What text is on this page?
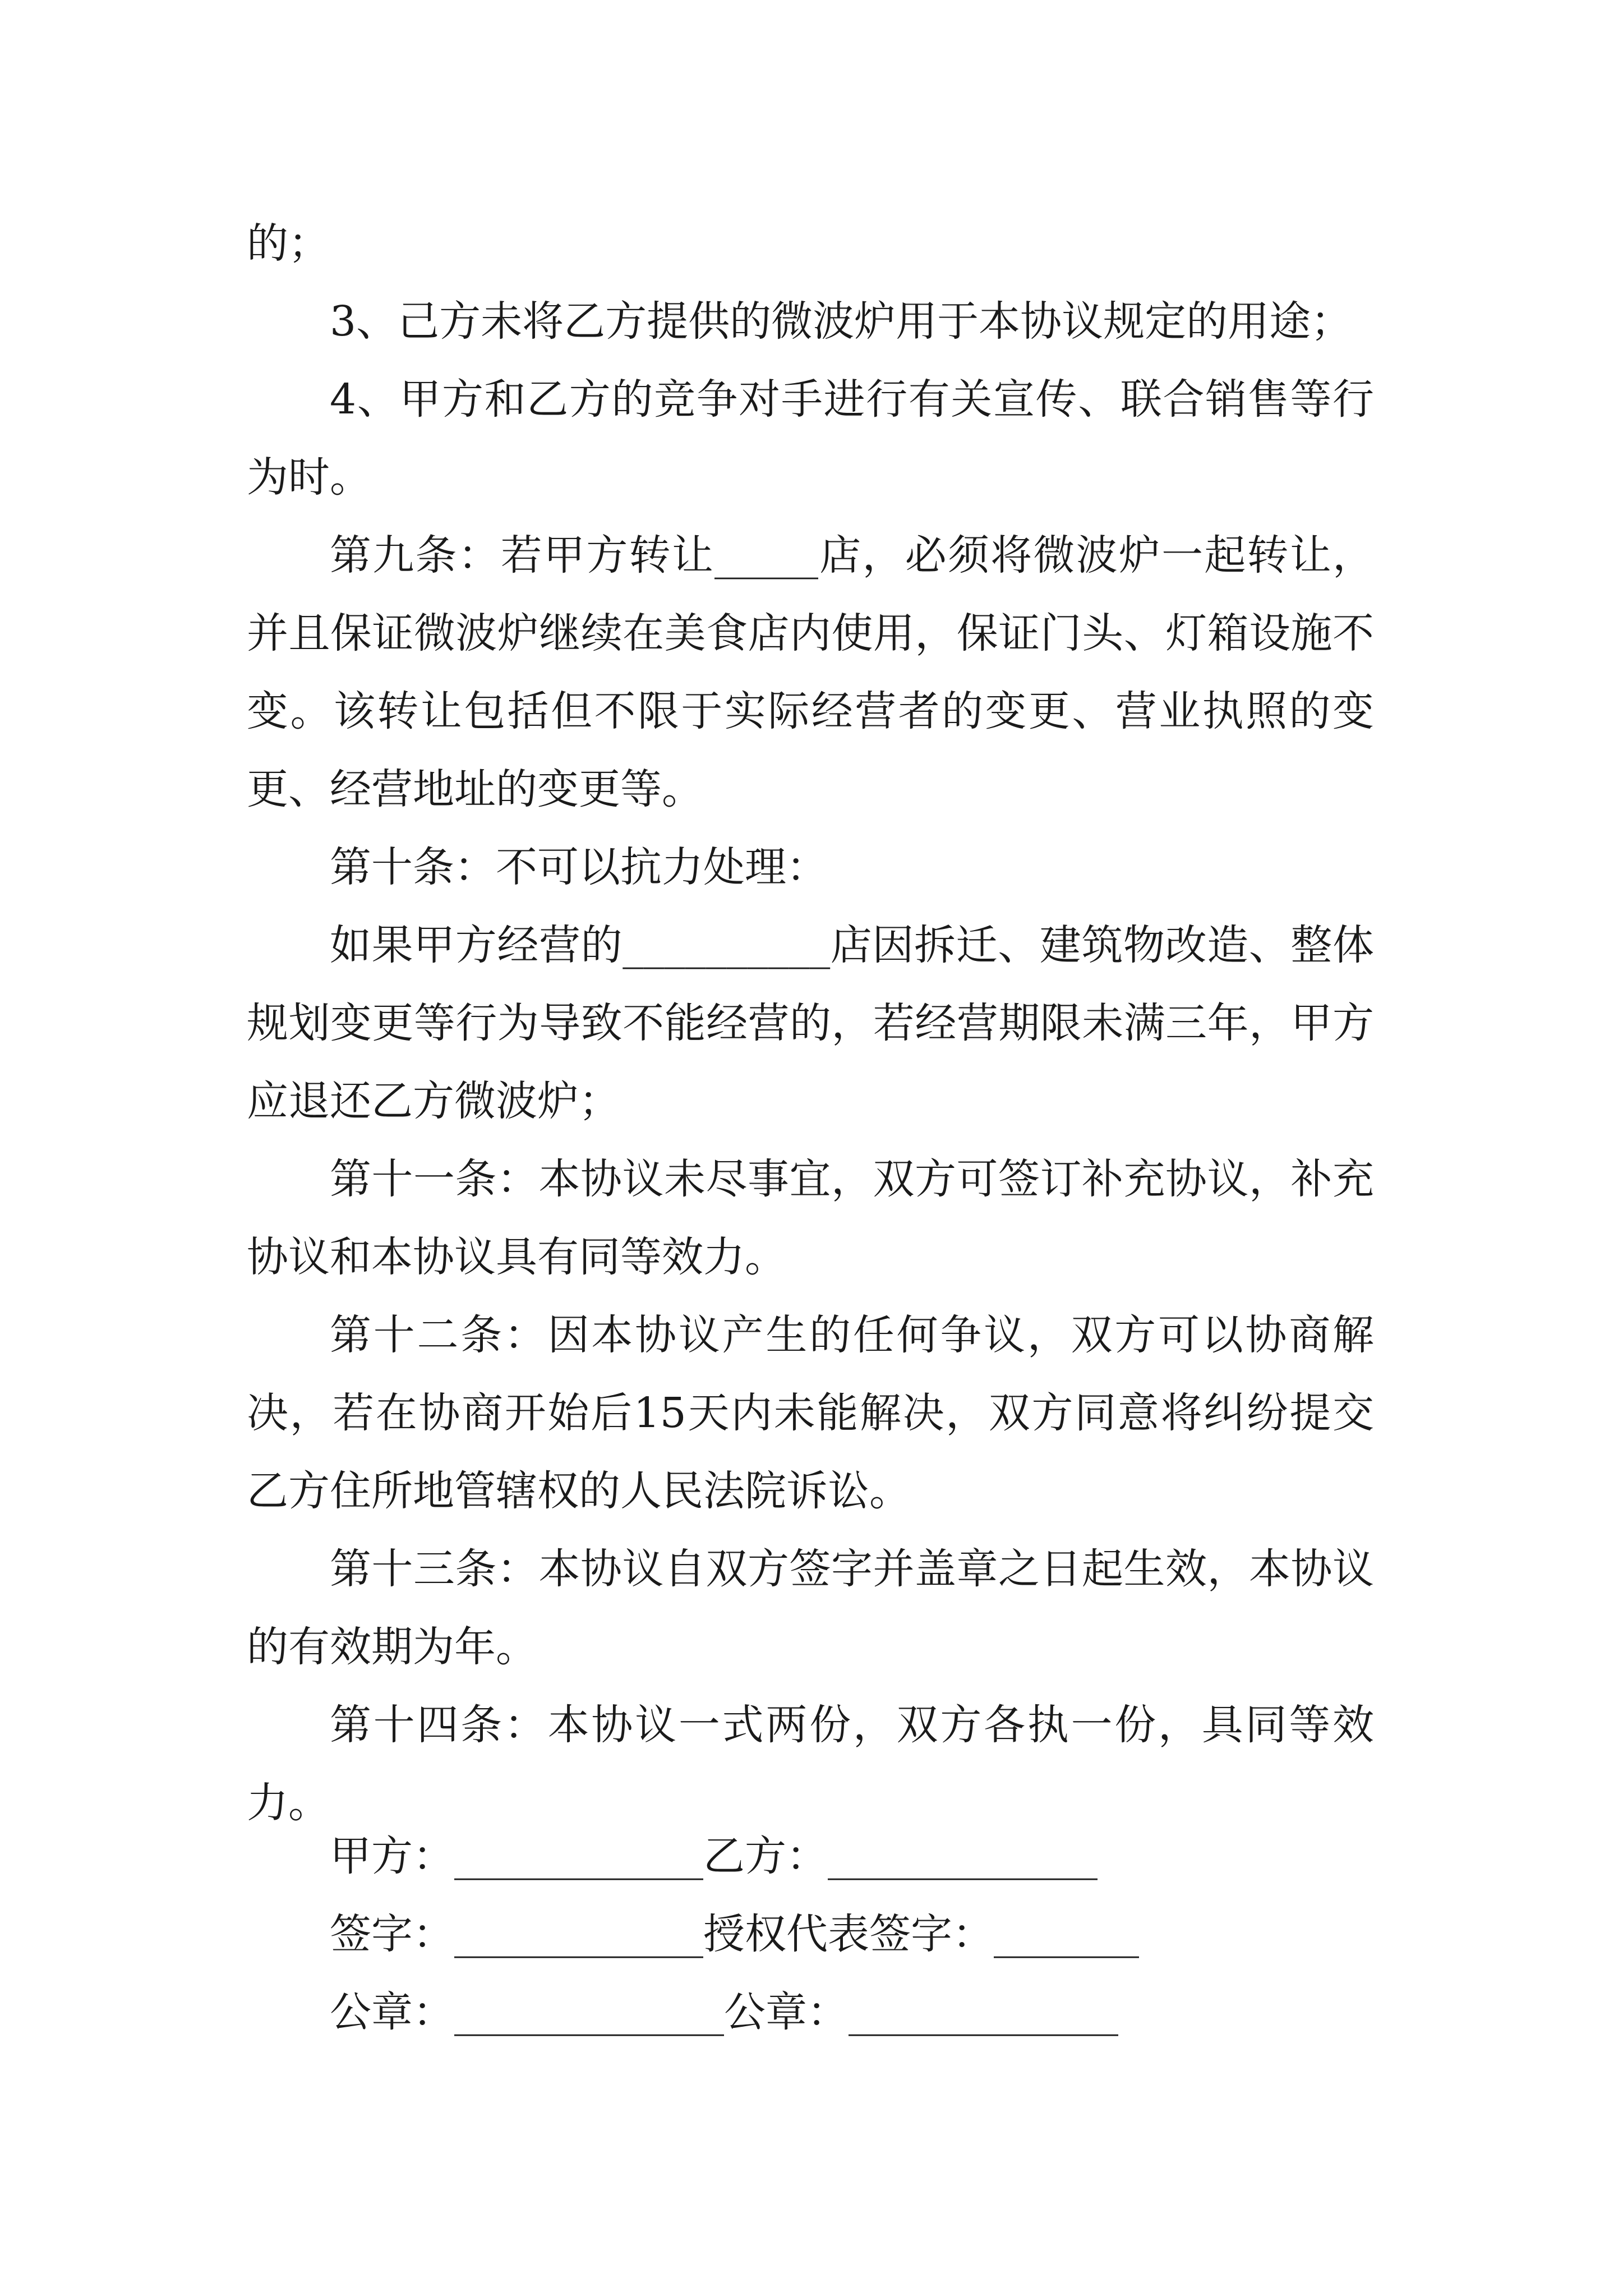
的；

3、己方未将乙方提供的微波炉用于本协议规定的用途；

4、甲方和乙方的竞争对手进行有关宣传、联合销售等行为时。

第九条：若甲方转让_____店，必须将微波炉一起转让，并且保证微波炉继续在美食店内使用，保证门头、灯箱设施不变。该转让包括但不限于实际经营者的变更、营业执照的变更、经营地址的变更等。

第十条：不可以抗力处理：

如果甲方经营的__________店因拆迁、建筑物改造、整体规划变更等行为导致不能经营的，若经营期限未满三年，甲方应退还乙方微波炉；

第十一条：本协议未尽事宜，双方可签订补充协议，补充协议和本协议具有同等效力。

第十二条：因本协议产生的任何争议，双方可以协商解决，若在协商开始后15天内未能解决，双方同意将纠纷提交乙方住所地管辖权的人民法院诉讼。

第十三条：本协议自双方签字并盖章之日起生效，本协议的有效期为年。

第十四条：本协议一式两份，双方各执一份，具同等效力。

甲方：____________乙方：_____________
签字：____________授权代表签字：_______
公章：_____________公章：_____________
